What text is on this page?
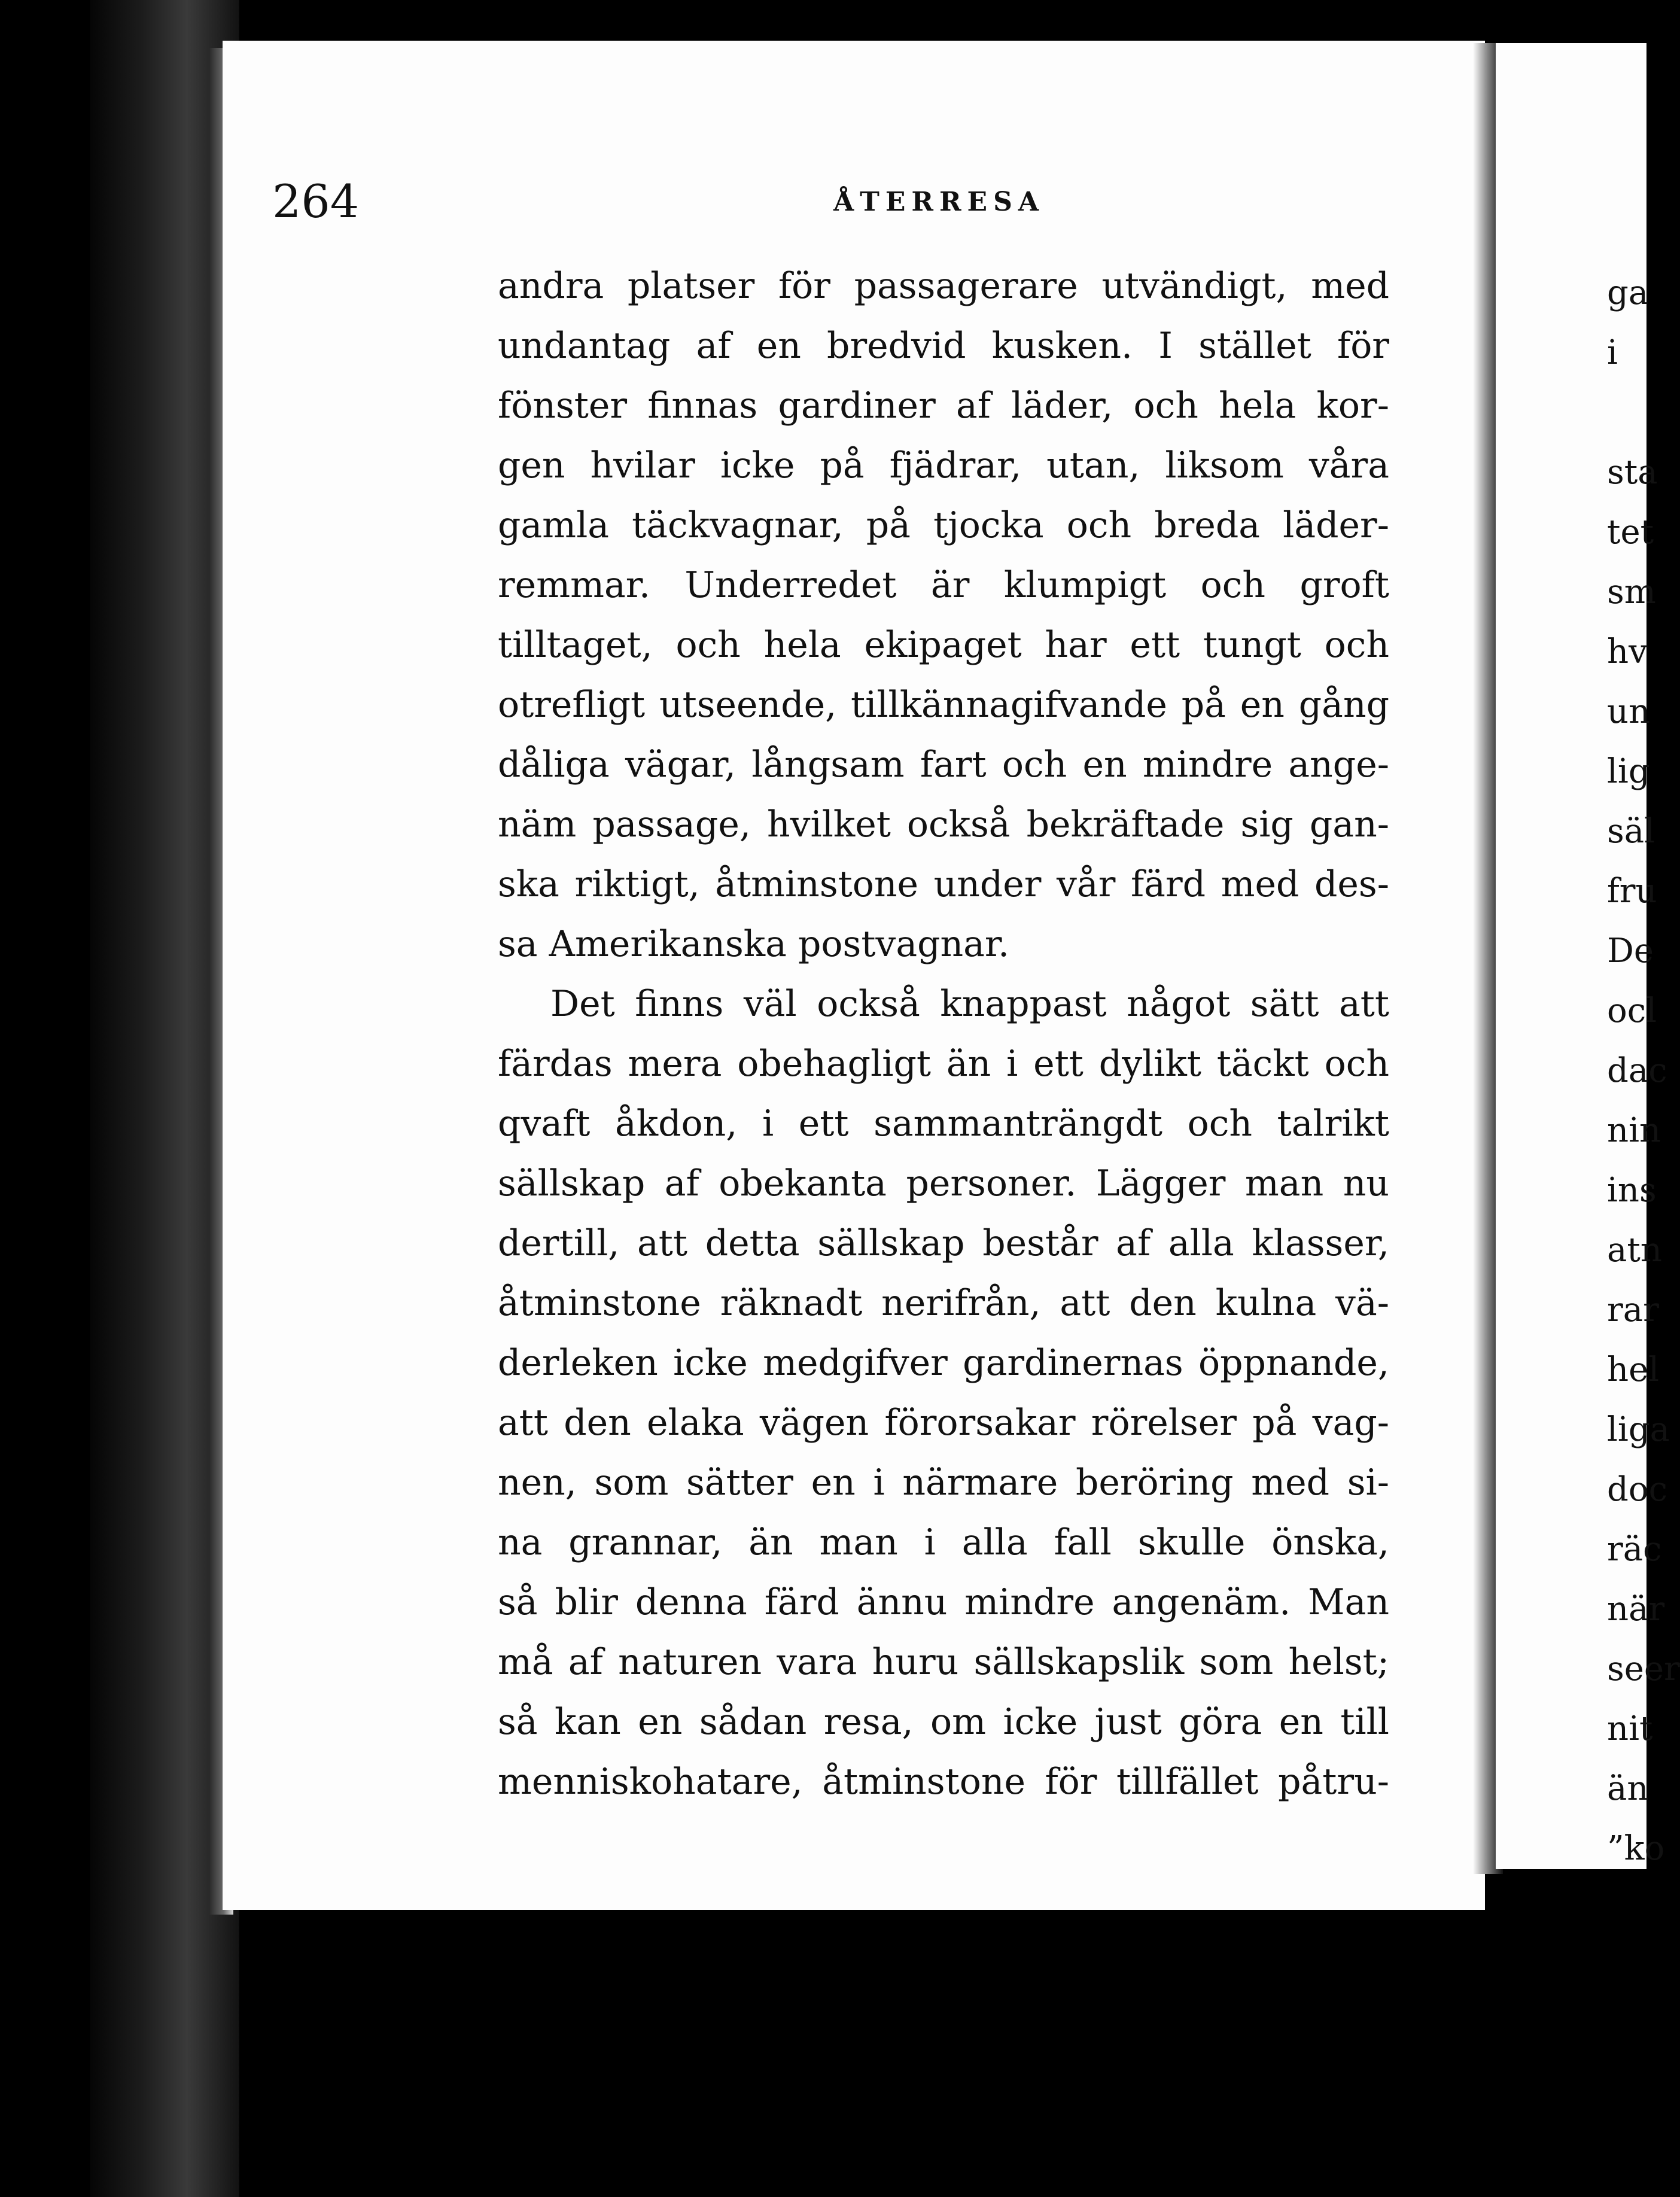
264	ÅTERRESA
andra platser för passagerare utvändigt, med
undantag af en bredvid kusken. I stället för
fönster finnas gardiner af läder, och hela kor-
gen hvilar icke på fjädrar, utan, liksom våra
gamla täckvagnar, på tjocka och breda läder-
remmar. Underredet är klumpigt och groft
tilltaget, och hela ekipaget har ett tungt och
otrefligt utseende, tillkännagifvande på en gång
dåliga vägar, långsam fart och en mindre ange-
näm passage, hvilket också bekräftade sig gan-
ska riktigt, åtminstone under vår färd med des-
sa Amerikanska postvagnar.
Det finns väl också knappast något sätt att
färdas mera obehagligt än i ett dylikt täckt och
qvaft åkdon, i ett sammanträngdt och talrikt
sällskap af obekanta personer. Lägger man nu
dertill, att detta sällskap består af alla klasser,
åtminstone räknadt nerifrån, att den kulna vä-
derleken icke medgifver gardinernas öppnande,
att den elaka vägen förorsakar rörelser på vag-
nen, som sätter en i närmare beröring med si-
na grannar, än man i alla fall skulle önska,
så blir denna färd ännu mindre angenäm. Man
må af naturen vara huru sällskapslik som helst;
så kan en sådan resa, om icke just göra en till
menniskohatare, åtminstone för tillfället påtru-
ga
i
sta
tet
sm
hv
un
lig
säl
fru
De
ocl
dac
nin
ins
atn
rar
hel
liga
doc
räc
när
seer
nit
än
”ko
